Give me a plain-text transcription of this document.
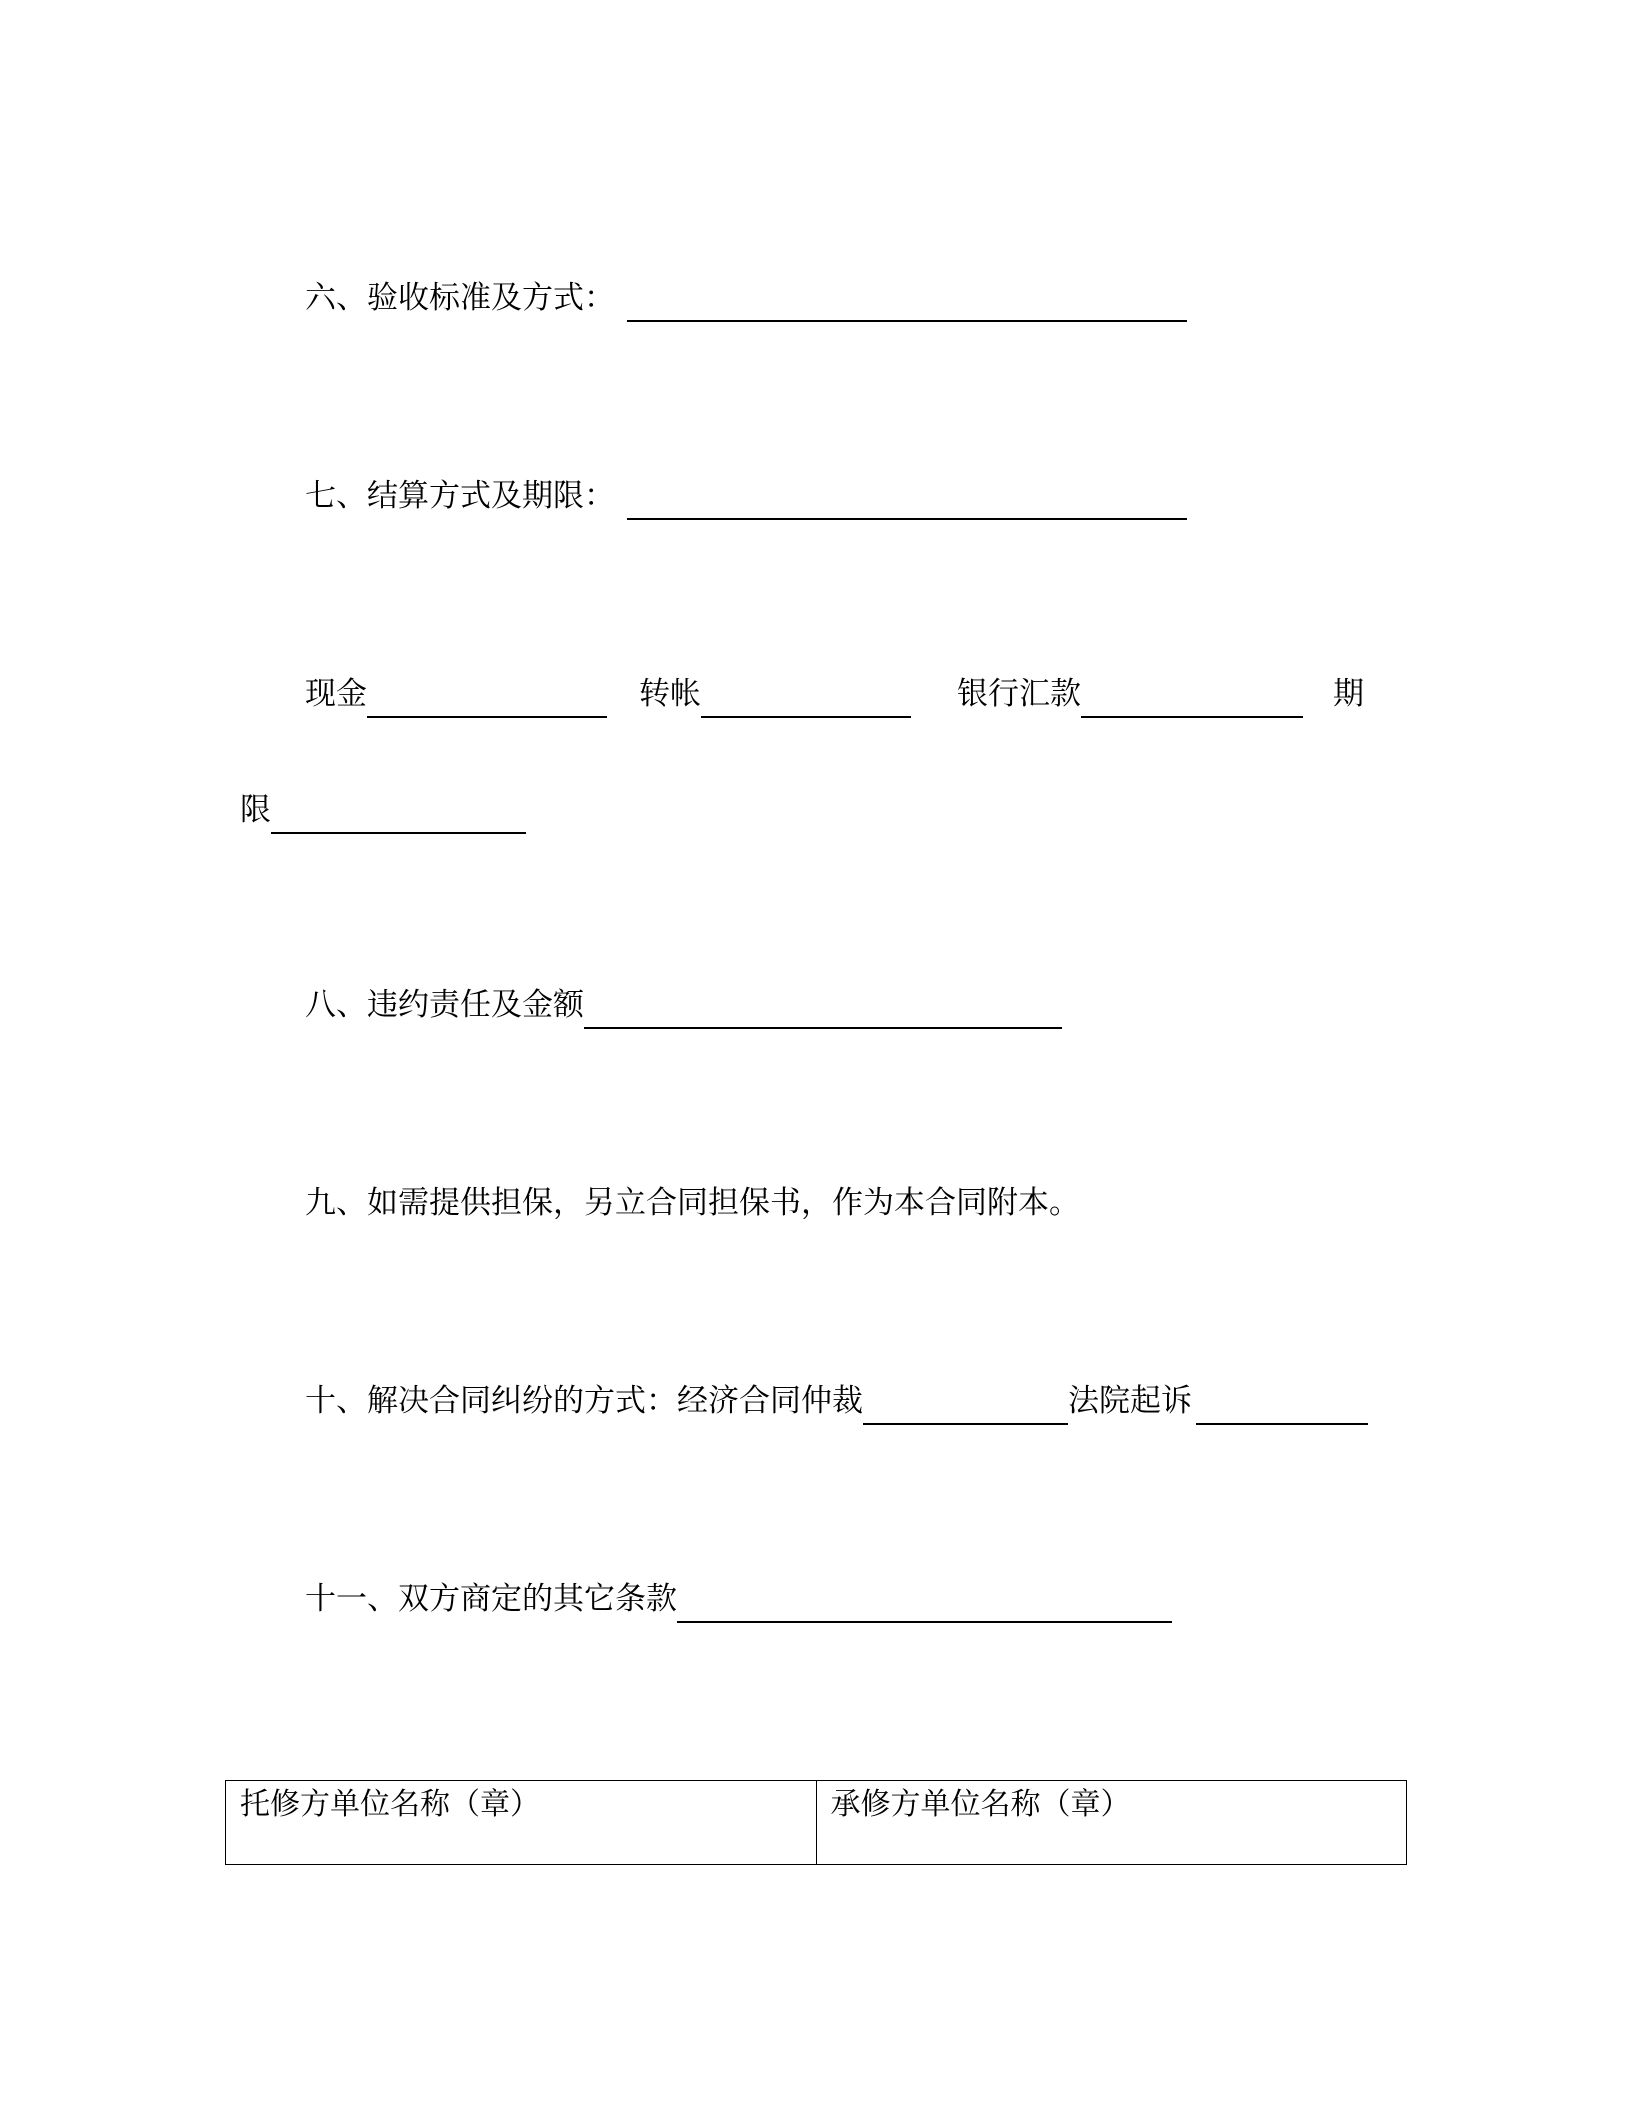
六、验收标准及方式：
七、结算方式及期限：
现金	转帐	银行汇款	期
限
八、违约责任及金额
九、如需提供担保，另立合同担保书，作为本合同附本。
十、解决合同纠纷的方式：经济合同仲裁	法院起诉
十一、双方商定的其它条款
托修方单位名称（章）	承修方单位名称（章）
